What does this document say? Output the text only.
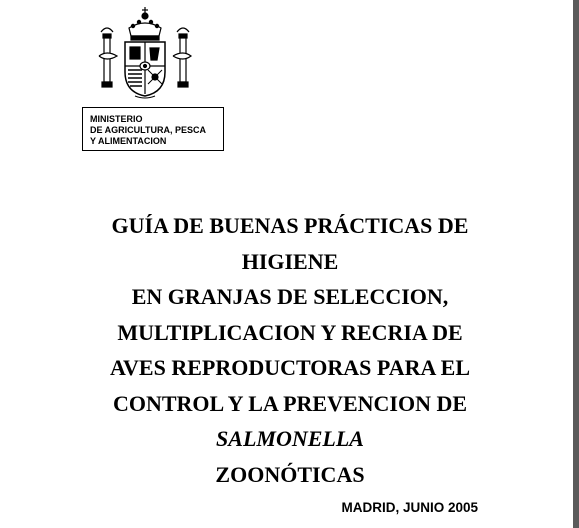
MINISTERIO
DE AGRICULTURA, PESCA
Y ALIMENTACION
GUÍA DE BUENAS PRÁCTICAS DE
HIGIENE
EN GRANJAS DE SELECCION,
MULTIPLICACION Y RECRIA DE
AVES REPRODUCTORAS PARA EL
CONTROL Y LA PREVENCION DE
SALMONELLA
ZOONÓTICAS
MADRID, JUNIO 2005
